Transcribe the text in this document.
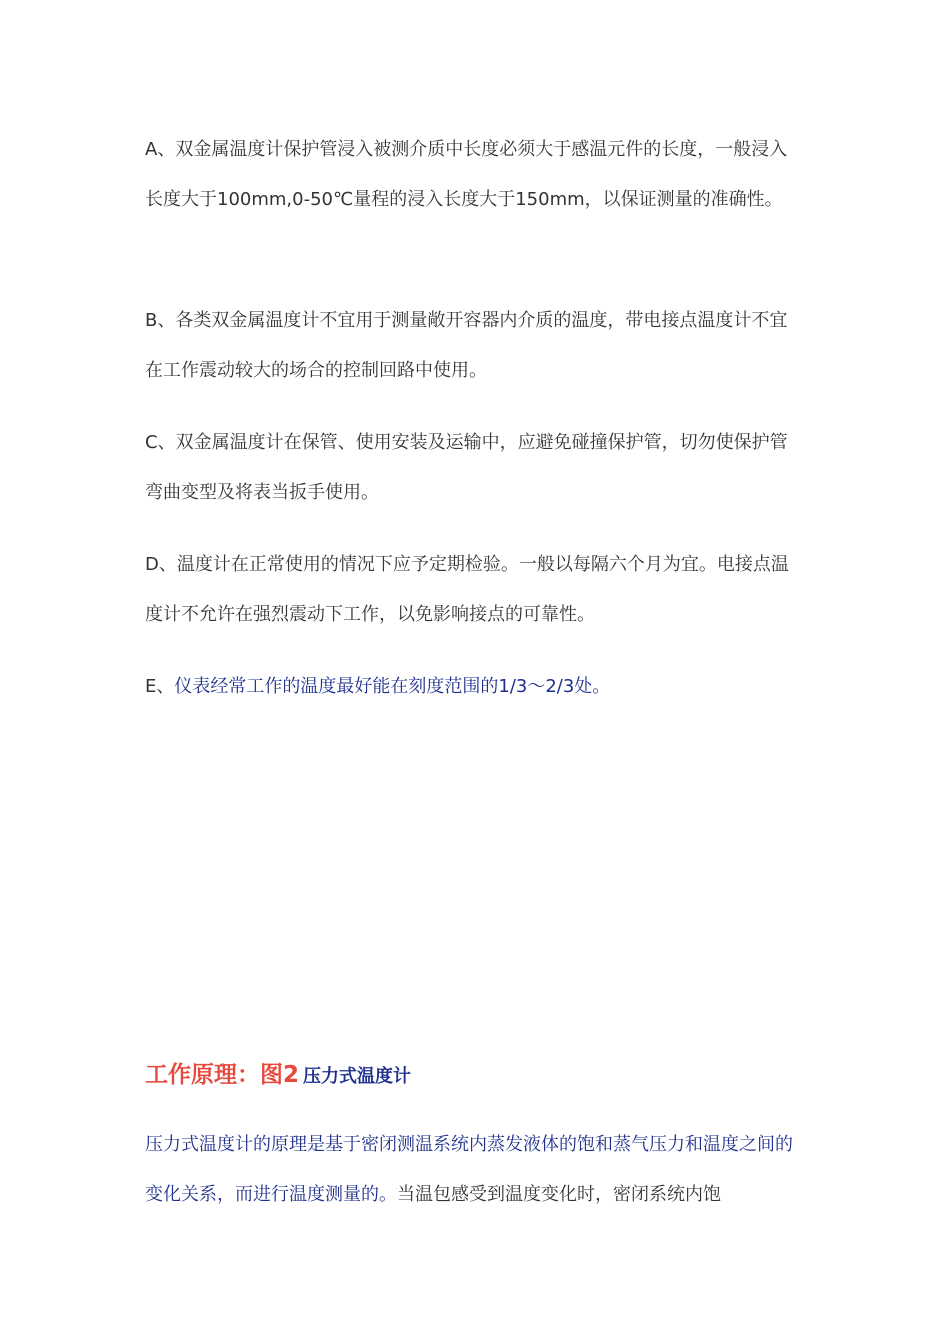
A、双金属温度计保护管浸入被测介质中长度必须大于感温元件的长度，一般浸入长度大于100mm,0-50℃量程的浸入长度大于150mm，以保证测量的准确性。

B、各类双金属温度计不宜用于测量敞开容器内介质的温度，带电接点温度计不宜在工作震动较大的场合的控制回路中使用。

C、双金属温度计在保管、使用安装及运输中，应避免碰撞保护管，切勿使保护管弯曲变型及将表当扳手使用。

D、温度计在正常使用的情况下应予定期检验。一般以每隔六个月为宜。电接点温度计不允许在强烈震动下工作，以免影响接点的可靠性。

E、仪表经常工作的温度最好能在刻度范围的1/3～2/3处。

工作原理：图2 压力式温度计

压力式温度计的原理是基于密闭测温系统内蒸发液体的饱和蒸气压力和温度之间的变化关系，而进行温度测量的。当温包感受到温度变化时，密闭系统内饱
